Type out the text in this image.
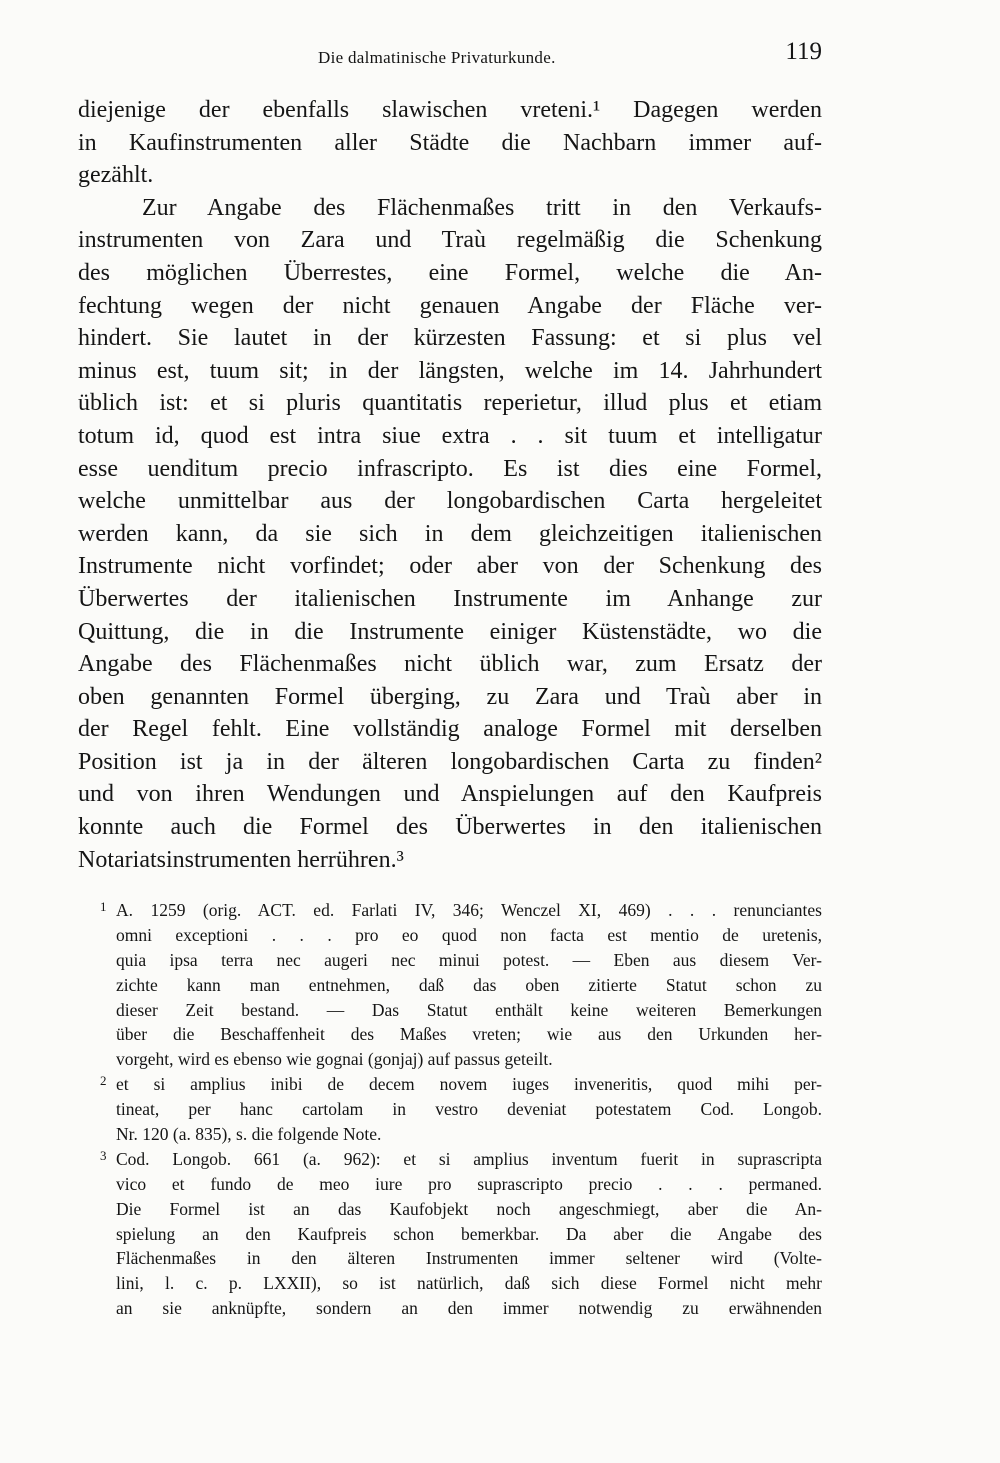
Die dalmatinische Privaturkunde.	119
diejenige der ebenfalls slawischen vreteni.¹ Dagegen werden
in Kaufinstrumenten aller Städte die Nachbarn immer auf-
gezählt.
Zur Angabe des Flächenmaßes tritt in den Verkaufs-
instrumenten von Zara und Traù regelmäßig die Schenkung
des möglichen Überrestes, eine Formel, welche die An-
fechtung wegen der nicht genauen Angabe der Fläche ver-
hindert. Sie lautet in der kürzesten Fassung: et si plus vel
minus est, tuum sit; in der längsten, welche im 14. Jahrhundert
üblich ist: et si pluris quantitatis reperietur, illud plus et etiam
totum id, quod est intra siue extra . . sit tuum et intelligatur
esse uenditum precio infrascripto. Es ist dies eine Formel,
welche unmittelbar aus der longobardischen Carta hergeleitet
werden kann, da sie sich in dem gleichzeitigen italienischen
Instrumente nicht vorfindet; oder aber von der Schenkung des
Überwertes der italienischen Instrumente im Anhange zur
Quittung, die in die Instrumente einiger Küstenstädte, wo die
Angabe des Flächenmaßes nicht üblich war, zum Ersatz der
oben genannten Formel überging, zu Zara und Traù aber in
der Regel fehlt. Eine vollständig analoge Formel mit derselben
Position ist ja in der älteren longobardischen Carta zu finden²
und von ihren Wendungen und Anspielungen auf den Kaufpreis
konnte auch die Formel des Überwertes in den italienischen
Notariatsinstrumenten herrühren.³
1 A. 1259 (orig. ACT. ed. Farlati IV, 346; Wenczel XI, 469) . . . renunciantes
omni exceptioni . . . pro eo quod non facta est mentio de uretenis,
quia ipsa terra nec augeri nec minui potest. — Eben aus diesem Ver-
zichte kann man entnehmen, daß das oben zitierte Statut schon zu
dieser Zeit bestand. — Das Statut enthält keine weiteren Bemerkungen
über die Beschaffenheit des Maßes vreten; wie aus den Urkunden her-
vorgeht, wird es ebenso wie gognai (gonjaj) auf passus geteilt.
2 et si amplius inibi de decem novem iuges inveneritis, quod mihi per-
tineat, per hanc cartolam in vestro deveniat potestatem Cod. Longob.
Nr. 120 (a. 835), s. die folgende Note.
3 Cod. Longob. 661 (a. 962): et si amplius inventum fuerit in suprascripta
vico et fundo de meo iure pro suprascripto precio . . . permaned.
Die Formel ist an das Kaufobjekt noch angeschmiegt, aber die An-
spielung an den Kaufpreis schon bemerkbar. Da aber die Angabe des
Flächenmaßes in den älteren Instrumenten immer seltener wird (Volte-
lini, l. c. p. LXXII), so ist natürlich, daß sich diese Formel nicht mehr
an sie anknüpfte, sondern an den immer notwendig zu erwähnenden
